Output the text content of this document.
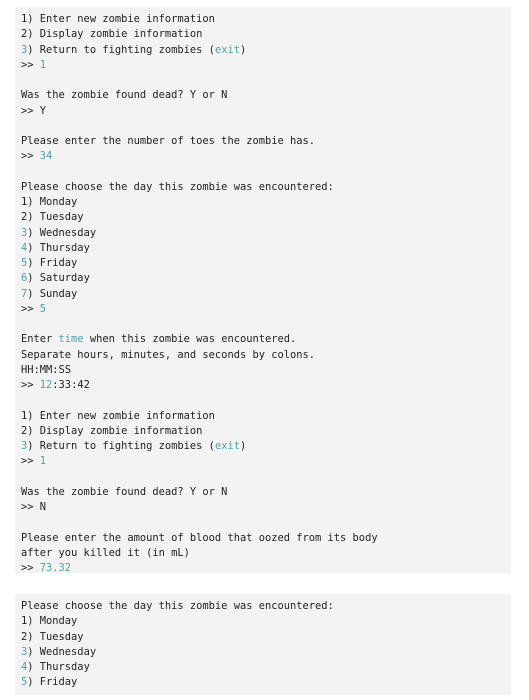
1) Enter new zombie information
2) Display zombie information
3) Return to fighting zombies (exit)
>> 1
Was the zombie found dead? Y or N
>> Y
Please enter the number of toes the zombie has.
>> 34
Please choose the day this zombie was encountered:
1) Monday
2) Tuesday
3) Wednesday
4) Thursday
5) Friday
6) Saturday
7) Sunday
>> 5
Enter time when this zombie was encountered.
Separate hours, minutes, and seconds by colons.
HH:MM:SS
>> 12:33:42
1) Enter new zombie information
2) Display zombie information
3) Return to fighting zombies (exit)
>> 1
Was the zombie found dead? Y or N
>> N
Please enter the amount of blood that oozed from its body
after you killed it (in mL)
>> 73.32
Please choose the day this zombie was encountered:
1) Monday
2) Tuesday
3) Wednesday
4) Thursday
5) Friday
